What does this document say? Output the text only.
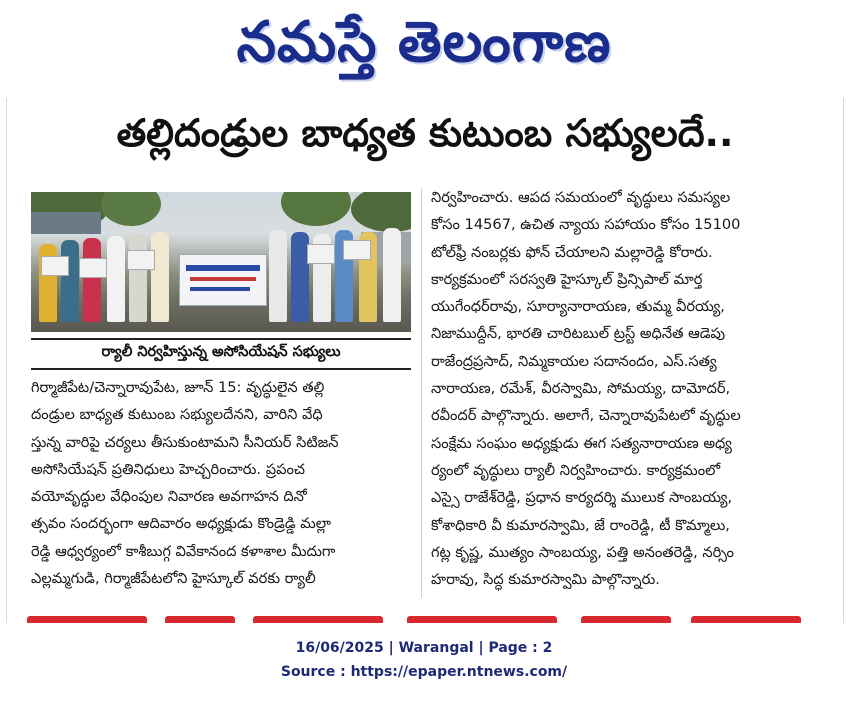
నమస్తే తెలంగాణ
తల్లిదండ్రుల బాధ్యత కుటుంబ సభ్యులదే..
ర్యాలీ నిర్వహిస్తున్న అసోసియేషన్ సభ్యులు
గిర్మాజీపేట/చెన్నారావుపేట, జూన్ 15: వృద్ధులైన తల్లి
దండ్రుల బాధ్యత కుటుంబ సభ్యులదేనని, వారిని వేధి
స్తున్న వారిపై చర్యలు తీసుకుంటామని సీనియర్ సిటిజన్
అసోసియేషన్ ప్రతినిధులు హెచ్చరించారు. ప్రపంచ
వయోవృద్ధుల వేధింపుల నివారణ అవగాహన దినో
త్సవం సందర్భంగా ఆదివారం అధ్యక్షుడు కొండ్రెడ్డి మల్లా
రెడ్డి ఆధ్వర్యంలో కాశీబుగ్గ వివేకానంద కళాశాల మీదుగా
ఎల్లమ్మగుడి, గిర్మాజీపేటలోని హైస్కూల్ వరకు ర్యాలీ
నిర్వహించారు. ఆపద సమయంలో వృద్ధులు సమస్యల
కోసం 14567, ఉచిత న్యాయ సహాయం కోసం 15100
టోల్‌ఫ్రీ నంబర్లకు ఫోన్ చేయాలని మల్లారెడ్డి కోరారు.
కార్యక్రమంలో సరస్వతి హైస్కూల్ ప్రిన్సిపాల్ మార్త
యుగేంధర్‌రావు, సూర్యానారాయణ, తుమ్మ వీరయ్య,
నిజాముద్దీన్, భారతి చారిటబుల్ ట్రస్ట్ అధినేత ఆడెపు
రాజేంద్రప్రసాద్, నిమ్మకాయల సదానందం, ఎస్.సత్య
నారాయణ, రమేశ్, వీరస్వామి, సోమయ్య, దామోదర్,
రవీందర్ పాల్గొన్నారు. అలాగే, చెన్నారావుపేటలో వృద్ధుల
సంక్షేమ సంఘం అధ్యక్షుడు ఈగ సత్యనారాయణ అధ్య
ర్యంలో వృద్ధులు ర్యాలీ నిర్వహించారు. కార్యక్రమంలో
ఎస్సై రాజేశ్‌రెడ్డి, ప్రధాన కార్యదర్శి ములుక సాంబయ్య,
కోశాధికారి వీ కుమారస్వామి, జే రాంరెడ్డి, టీ కొమ్మాలు,
గట్ల కృష్ణ, ముత్యం సాంబయ్య, పత్తి అనంతరెడ్డి, నర్సిం
హరావు, సిద్ధ కుమారస్వామి పాల్గొన్నారు.
16/06/2025 | Warangal | Page : 2
Source : https://epaper.ntnews.com/
